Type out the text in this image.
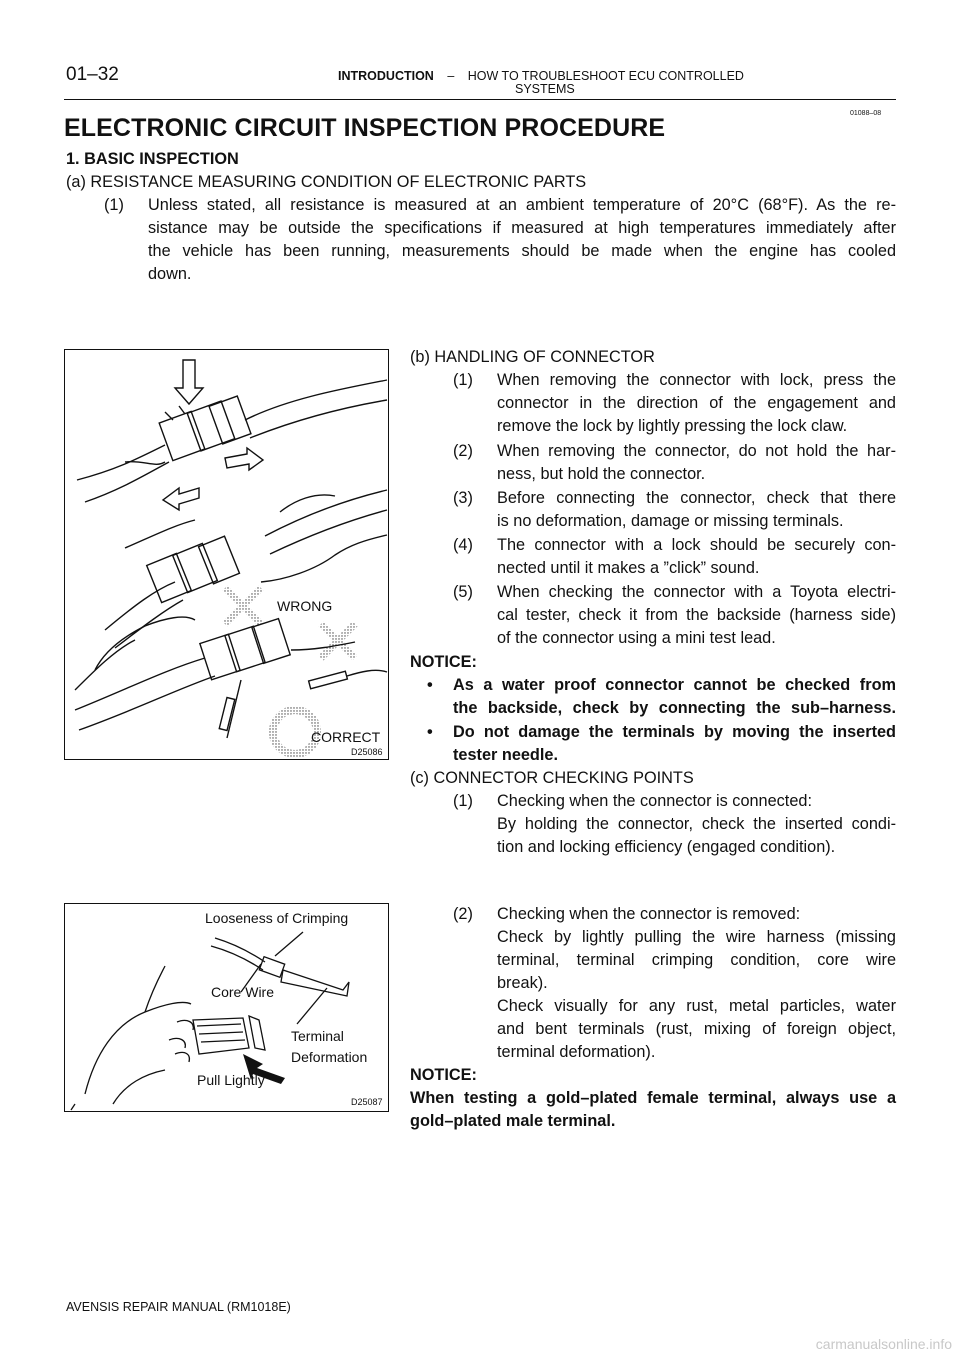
01–32	INTRODUCTION – HOW TO TROUBLESHOOT ECU CONTROLLED
SYSTEMS
01088–08
ELECTRONIC CIRCUIT INSPECTION PROCEDURE
1. BASIC INSPECTION
(a) RESISTANCE MEASURING CONDITION OF ELECTRONIC PARTS
(1) Unless stated, all resistance is measured at an ambient temperature of 20°C (68°F). As the re-
sistance may be outside the specifications if measured at high temperatures immediately after
the vehicle has been running, measurements should be made when the engine has cooled
down.
WRONG
CORRECT
D25086
Looseness of Crimping
Core Wire
Terminal
Deformation
Pull Lightly
D25087
(b) HANDLING OF CONNECTOR
(1) When removing the connector with lock, press the
connector in the direction of the engagement and
remove the lock by lightly pressing the lock claw.
(2) When removing the connector, do not hold the har-
ness, but hold the connector.
(3) Before connecting the connector, check that there
is no deformation, damage or missing terminals.
(4) The connector with a lock should be securely con-
nected until it makes a ”click” sound.
(5) When checking the connector with a Toyota electri-
cal tester, check it from the backside (harness side)
of the connector using a mini test lead.
NOTICE:
• As a water proof connector cannot be checked from
the backside, check by connecting the sub–harness.
• Do not damage the terminals by moving the inserted
tester needle.
(c) CONNECTOR CHECKING POINTS
(1) Checking when the connector is connected:
By holding the connector, check the inserted condi-
tion and locking efficiency (engaged condition).
(2) Checking when the connector is removed:
Check by lightly pulling the wire harness (missing
terminal, terminal crimping condition, core wire
break).
Check visually for any rust, metal particles, water
and bent terminals (rust, mixing of foreign object,
terminal deformation).
NOTICE:
When testing a gold–plated female terminal, always use a
gold–plated male terminal.
AVENSIS REPAIR MANUAL (RM1018E)
carmanualsonline.info
